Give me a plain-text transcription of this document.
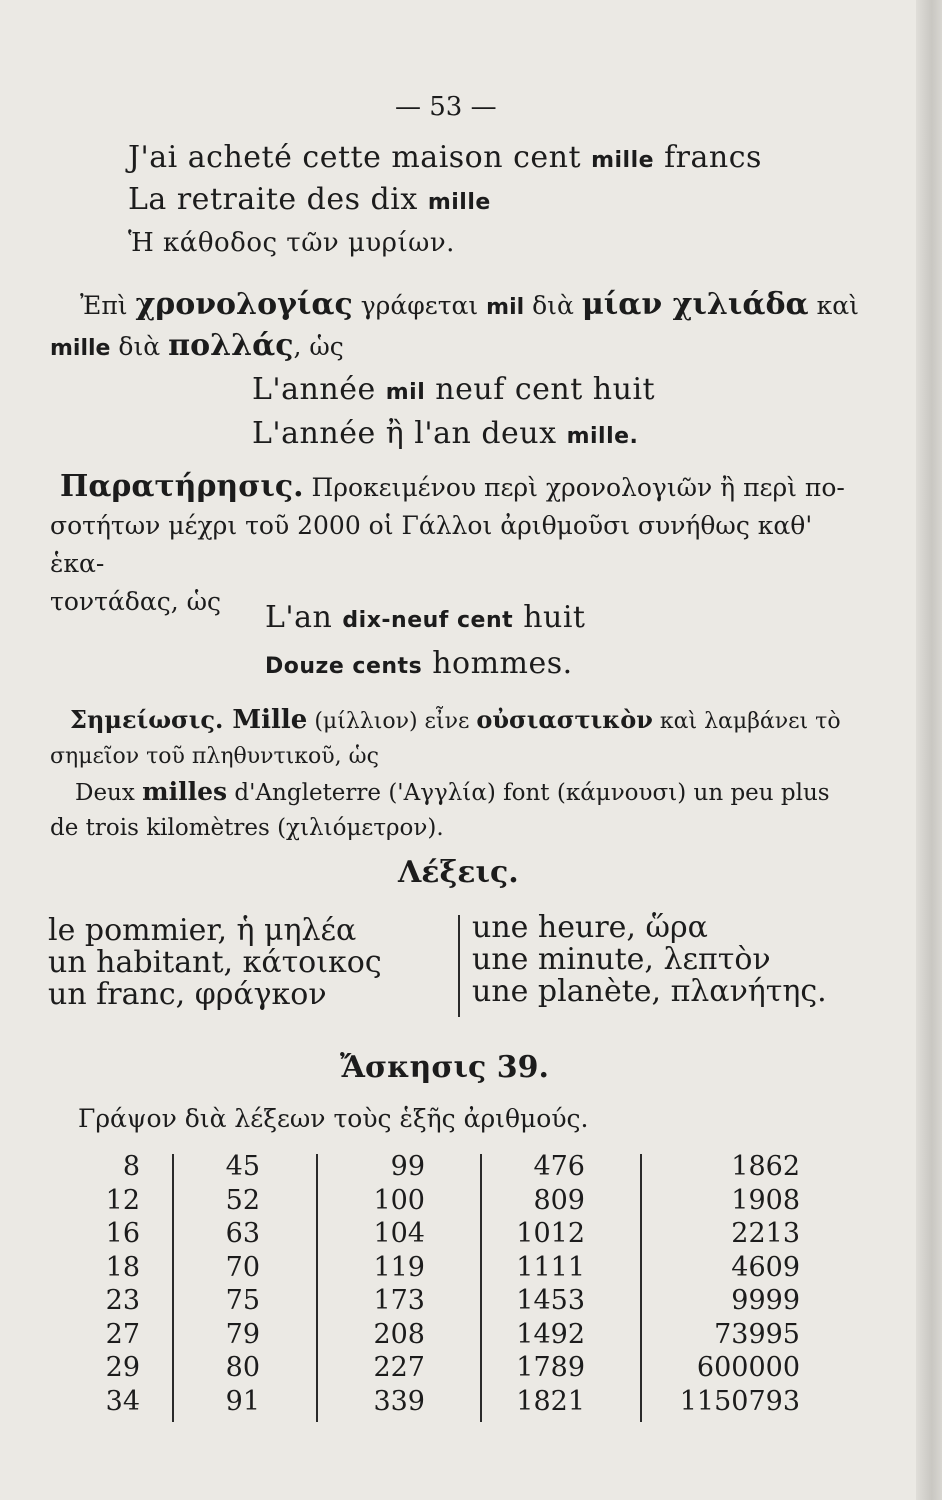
— 53 —
J'ai acheté cette maison cent mille francs
La retraite des dix mille
Ἡ κάθοδος τῶν μυρίων.
Ἐπὶ χρονολογίας γράφεται mil διὰ μίαν χιλιάδα καὶ
mille διὰ πολλάς, ὡς
L'année mil neuf cent huit
L'année ἢ l'an deux mille.
Παρατήρησις. Προκειμένου περὶ χρονολογιῶν ἢ περὶ πο-
σοτήτων μέχρι τοῦ 2000 οἱ Γάλλοι ἀριθμοῦσι συνήθως καθ' ἑκα-
τοντάδας, ὡς	L'an dix-neuf cent huit
Douze cents hommes.
Σημείωσις. Mille (μίλλιον) εἶνε οὐσιαστικὸν καὶ λαμβάνει τὸ
σημεῖον τοῦ πληθυντικοῦ, ὡς
Deux milles d'Angleterre ('Αγγλία) font (κάμνουσι) un peu plus
de trois kilomètres (χιλιόμετρον).
Λέξεις.
le pommier, ἡ μηλέα
un habitant, κάτοικος
un franc, φράγκον
une heure, ὥρα
une minute, λεπτὸν
une planète, πλανήτης.
Ἄσκησις 39.
Γράψον διὰ λέξεων τοὺς ἑξῆς ἀριθμούς.
8
12
16
18
23
27
29
34
45
52
63
70
75
79
80
91
99
100
104
119
173
208
227
339
476
809
1012
1111
1453
1492
1789
1821
1862
1908
2213
4609
9999
73995
600000
1150793
